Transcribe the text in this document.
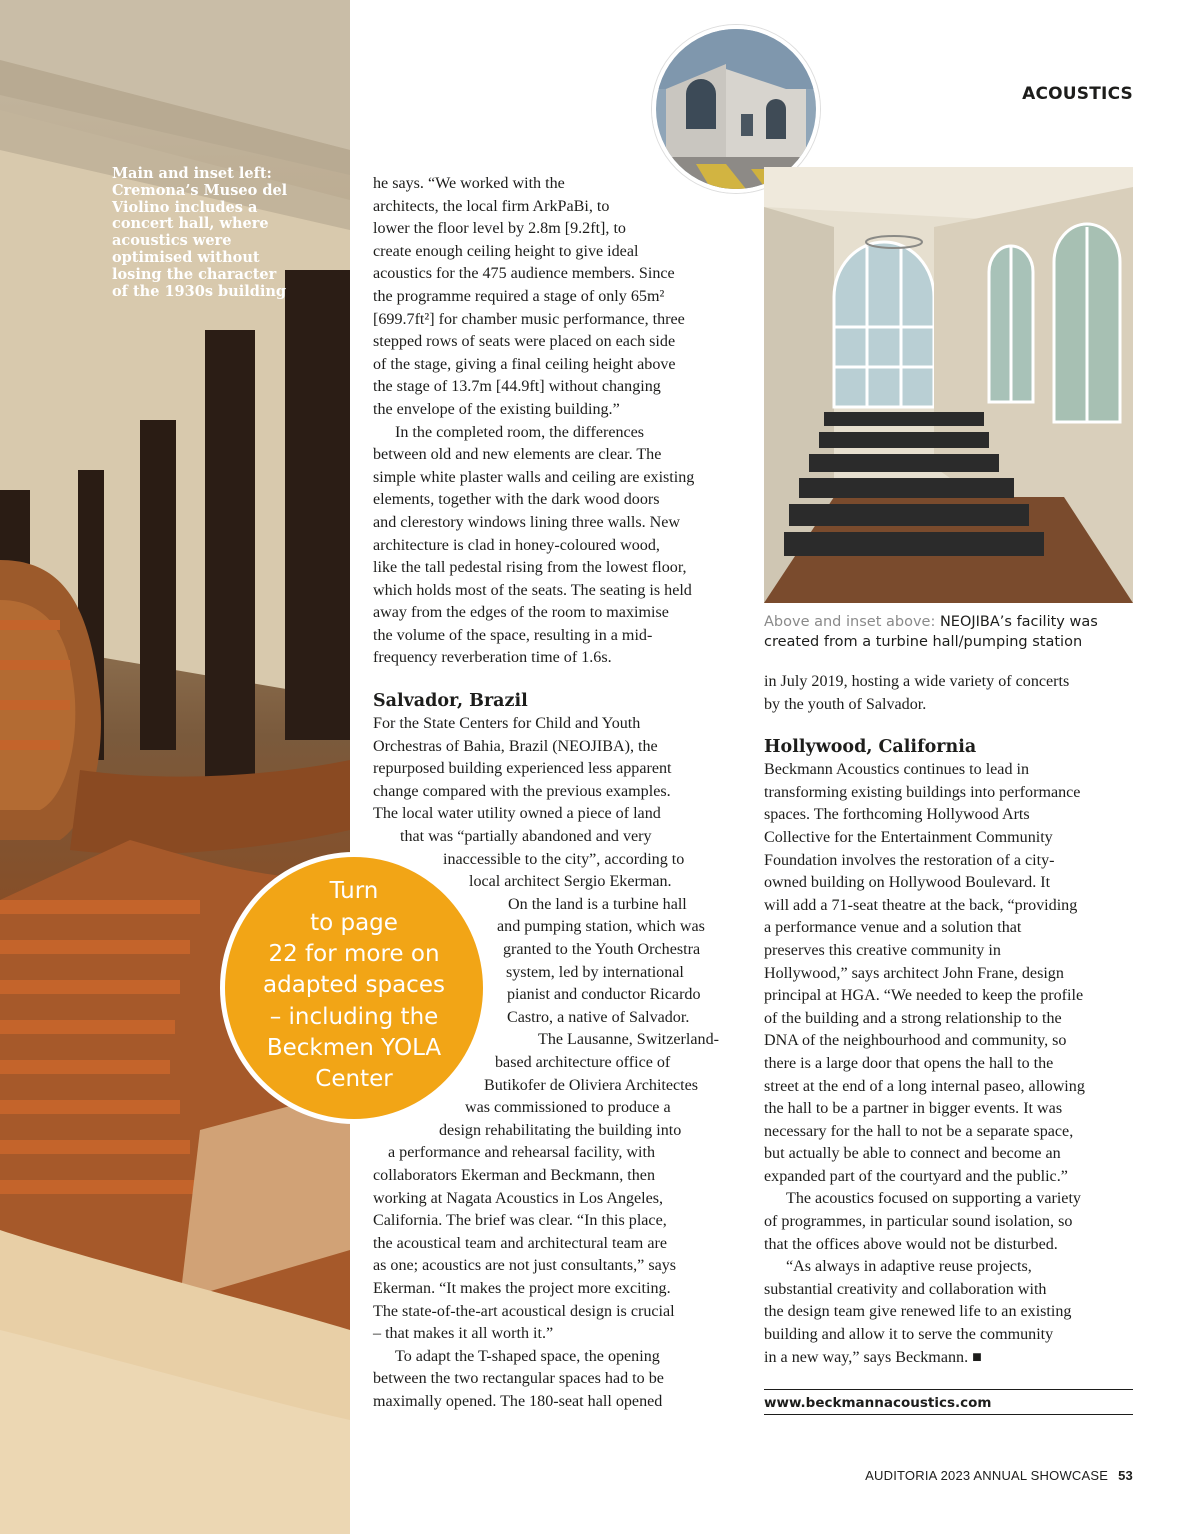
Main and inset left: Cremona’s Museo del Violino includes a concert hall, where acoustics were optimised without losing the character of the 1930s building

ACOUSTICS

Above and inset above: NEOJIBA’s facility was created from a turbine hall/pumping station

he says. “We worked with the
architects, the local firm ArkPaBi, to
lower the floor level by 2.8m [9.2ft], to
create enough ceiling height to give ideal
acoustics for the 475 audience members. Since
the programme required a stage of only 65m²
[699.7ft²] for chamber music performance, three
stepped rows of seats were placed on each side
of the stage, giving a final ceiling height above
the stage of 13.7m [44.9ft] without changing
the envelope of the existing building.”

In the completed room, the differences
between old and new elements are clear. The
simple white plaster walls and ceiling are existing
elements, together with the dark wood doors
and clerestory windows lining three walls. New
architecture is clad in honey-coloured wood,
like the tall pedestal rising from the lowest floor,
which holds most of the seats. The seating is held
away from the edges of the room to maximise
the volume of the space, resulting in a mid-
frequency reverberation time of 1.6s.

Salvador, Brazil

For the State Centers for Child and Youth
Orchestras of Bahia, Brazil (NEOJIBA), the
repurposed building experienced less apparent
change compared with the previous examples.
The local water utility owned a piece of land
that was “partially abandoned and very
inaccessible to the city”, according to
local architect Sergio Ekerman.

On the land is a turbine hall
and pumping station, which was
granted to the Youth Orchestra
system, led by international
pianist and conductor Ricardo
Castro, a native of Salvador.

The Lausanne, Switzerland-
based architecture office of
Butikofer de Oliviera Architectes
was commissioned to produce a
design rehabilitating the building into
a performance and rehearsal facility, with
collaborators Ekerman and Beckmann, then
working at Nagata Acoustics in Los Angeles,
California. The brief was clear. “In this place,
the acoustical team and architectural team are
as one; acoustics are not just consultants,” says
Ekerman. “It makes the project more exciting.
The state-of-the-art acoustical design is crucial
– that makes it all worth it.”

To adapt the T-shaped space, the opening
between the two rectangular spaces had to be
maximally opened. The 180-seat hall opened

in July 2019, hosting a wide variety of concerts
by the youth of Salvador.

Hollywood, California

Beckmann Acoustics continues to lead in
transforming existing buildings into performance
spaces. The forthcoming Hollywood Arts
Collective for the Entertainment Community
Foundation involves the restoration of a city-
owned building on Hollywood Boulevard. It
will add a 71-seat theatre at the back, “providing
a performance venue and a solution that
preserves this creative community in
Hollywood,” says architect John Frane, design
principal at HGA. “We needed to keep the profile
of the building and a strong relationship to the
DNA of the neighbourhood and community, so
there is a large door that opens the hall to the
street at the end of a long internal paseo, allowing
the hall to be a partner in bigger events. It was
necessary for the hall to not be a separate space,
but actually be able to connect and become an
expanded part of the courtyard and the public.”

The acoustics focused on supporting a variety
of programmes, in particular sound isolation, so
that the offices above would not be disturbed.

“As always in adaptive reuse projects,
substantial creativity and collaboration with
the design team give renewed life to an existing
building and allow it to serve the community
in a new way,” says Beckmann. ■

www.beckmannacoustics.com
Turn
to page
22 for more on
adapted spaces
– including the
Beckmen YOLA
Center
AUDITORIA 2023 ANNUAL SHOWCASE 53
